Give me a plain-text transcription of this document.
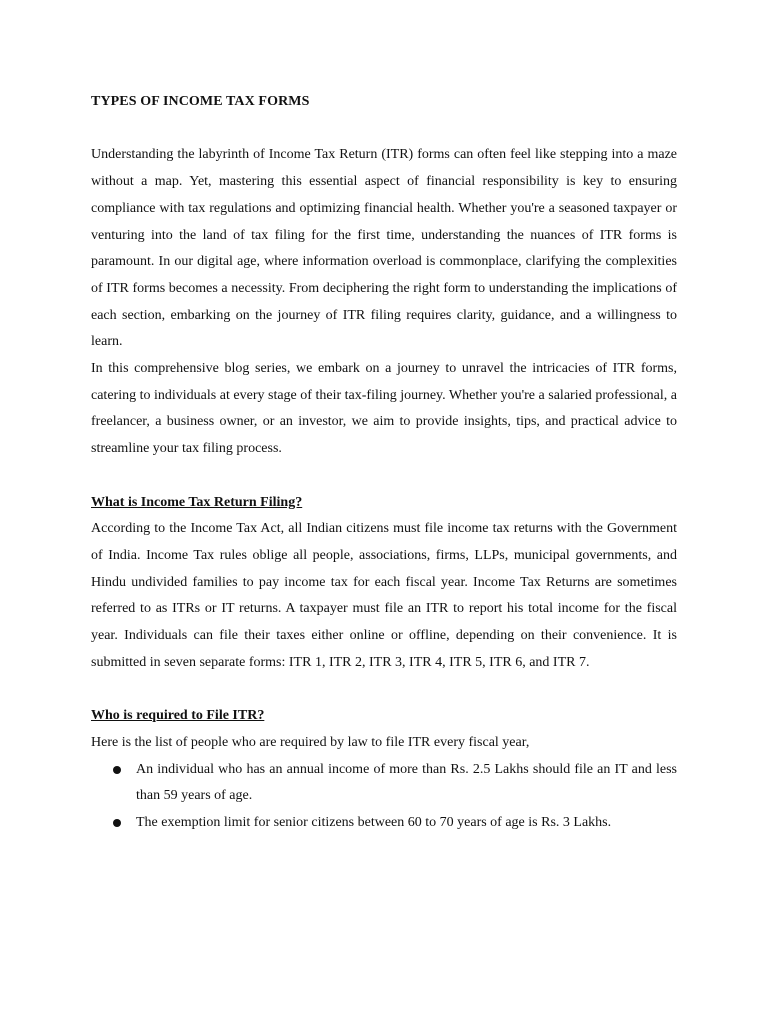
TYPES OF INCOME TAX FORMS

Understanding the labyrinth of Income Tax Return (ITR) forms can often feel like stepping into a maze without a map. Yet, mastering this essential aspect of financial responsibility is key to ensuring compliance with tax regulations and optimizing financial health. Whether you're a seasoned taxpayer or venturing into the land of tax filing for the first time, understanding the nuances of ITR forms is paramount. In our digital age, where information overload is commonplace, clarifying the complexities of ITR forms becomes a necessity. From deciphering the right form to understanding the implications of each section, embarking on the journey of ITR filing requires clarity, guidance, and a willingness to learn.

In this comprehensive blog series, we embark on a journey to unravel the intricacies of ITR forms, catering to individuals at every stage of their tax-filing journey. Whether you're a salaried professional, a freelancer, a business owner, or an investor, we aim to provide insights, tips, and practical advice to streamline your tax filing process.

What is Income Tax Return Filing?

According to the Income Tax Act, all Indian citizens must file income tax returns with the Government of India. Income Tax rules oblige all people, associations, firms, LLPs, municipal governments, and Hindu undivided families to pay income tax for each fiscal year. Income Tax Returns are sometimes referred to as ITRs or IT returns. A taxpayer must file an ITR to report his total income for the fiscal year. Individuals can file their taxes either online or offline, depending on their convenience. It is submitted in seven separate forms: ITR 1, ITR 2, ITR 3, ITR 4, ITR 5, ITR 6, and ITR 7.

Who is required to File ITR?

Here is the list of people who are required by law to file ITR every fiscal year,

An individual who has an annual income of more than Rs. 2.5 Lakhs should file an IT and less than 59 years of age.
The exemption limit for senior citizens between 60 to 70 years of age is Rs. 3 Lakhs.
